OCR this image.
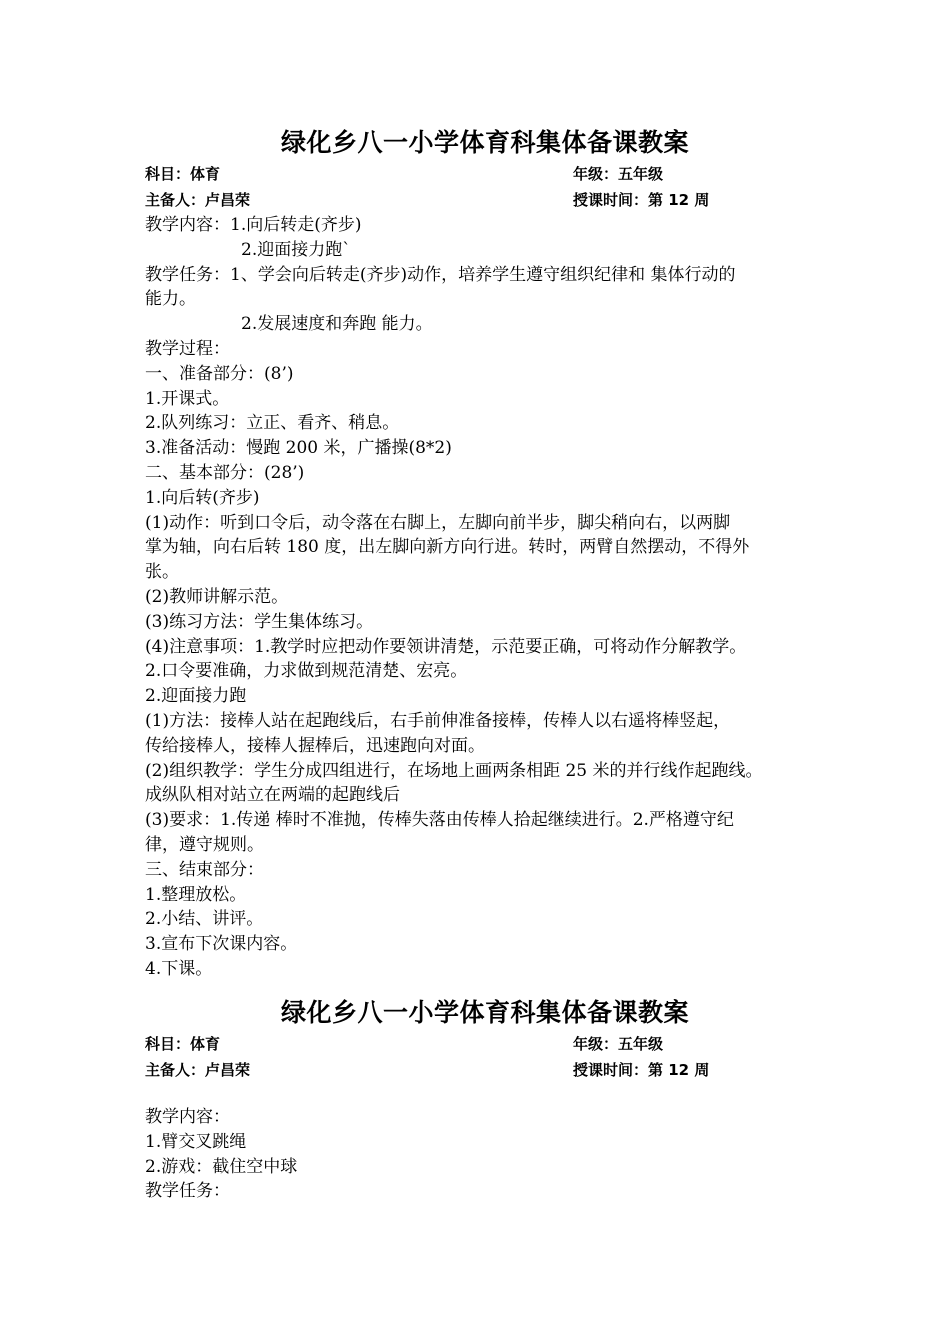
绿化乡八一小学体育科集体备课教案
科目：体育	年级：五年级
主备人：卢昌荣	授课时间：第 12 周

教学内容：1.向后转走(齐步)

2.迎面接力跑`

教学任务：1、学会向后转走(齐步)动作，培养学生遵守组织纪律和 集体行动的

能力。

2.发展速度和奔跑 能力。

教学过程：

一、准备部分：(8’)

1.开课式。

2.队列练习：立正、看齐、稍息。

3.准备活动：慢跑 200 米，广播操(8*2)

二、基本部分：(28’)

1.向后转(齐步)

(1)动作：听到口令后，动令落在右脚上，左脚向前半步，脚尖稍向右，以两脚

掌为轴，向右后转 180 度，出左脚向新方向行进。转时，两臂自然摆动，不得外

张。

(2)教师讲解示范。

(3)练习方法：学生集体练习。

(4)注意事项：1.教学时应把动作要领讲清楚，示范要正确，可将动作分解教学。

2.口令要准确，力求做到规范清楚、宏亮。

2.迎面接力跑

(1)方法：接棒人站在起跑线后，右手前伸准备接棒，传棒人以右遥将棒竖起，

传给接棒人，接棒人握棒后，迅速跑向对面。

(2)组织教学：学生分成四组进行，在场地上画两条相距 25 米的并行线作起跑线。

成纵队相对站立在两端的起跑线后

(3)要求：1.传递 棒时不准抛，传棒失落由传棒人拾起继续进行。2.严格遵守纪

律，遵守规则。

三、结束部分：

1.整理放松。

2.小结、讲评。

3.宣布下次课内容。

4.下课。

绿化乡八一小学体育科集体备课教案
科目：体育	年级：五年级
主备人：卢昌荣	授课时间：第 12 周

教学内容：

1.臂交叉跳绳

2.游戏：截住空中球

教学任务：
